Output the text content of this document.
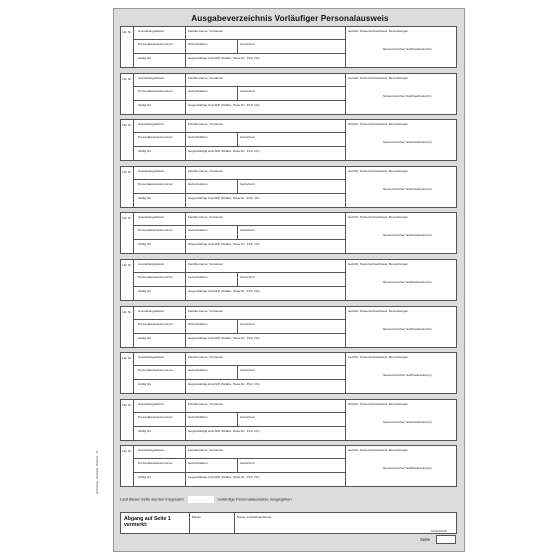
Ausgabeverzeichnis Vorläufiger Personalausweis
Lfd. Nr.	Ausstellungsdatum	Familienname, Vornamen	Gebühr, Kostenschnachweis, Bemerkungen
Personalausweisnummer	Geburtsdatum	Geburtsort
Gültig bis	Gegenwärtige Anschrift (Straße, Haus-Nr., PLZ, Ort)
Namenszeichen Sachbearbeiter(in)
Lfd. Nr.	Ausstellungsdatum	Familienname, Vornamen	Gebühr, Kostenschnachweis, Bemerkungen
Personalausweisnummer	Geburtsdatum	Geburtsort
Gültig bis	Gegenwärtige Anschrift (Straße, Haus-Nr., PLZ, Ort)
Namenszeichen Sachbearbeiter(in)
Lfd. Nr.	Ausstellungsdatum	Familienname, Vornamen	Gebühr, Kostenschnachweis, Bemerkungen
Personalausweisnummer	Geburtsdatum	Geburtsort
Gültig bis	Gegenwärtige Anschrift (Straße, Haus-Nr., PLZ, Ort)
Namenszeichen Sachbearbeiter(in)
Lfd. Nr.	Ausstellungsdatum	Familienname, Vornamen	Gebühr, Kostenschnachweis, Bemerkungen
Personalausweisnummer	Geburtsdatum	Geburtsort
Gültig bis	Gegenwärtige Anschrift (Straße, Haus-Nr., PLZ, Ort)
Namenszeichen Sachbearbeiter(in)
Lfd. Nr.	Ausstellungsdatum	Familienname, Vornamen	Gebühr, Kostenschnachweis, Bemerkungen
Personalausweisnummer	Geburtsdatum	Geburtsort
Gültig bis	Gegenwärtige Anschrift (Straße, Haus-Nr., PLZ, Ort)
Namenszeichen Sachbearbeiter(in)
Lfd. Nr.	Ausstellungsdatum	Familienname, Vornamen	Gebühr, Kostenschnachweis, Bemerkungen
Personalausweisnummer	Geburtsdatum	Geburtsort
Gültig bis	Gegenwärtige Anschrift (Straße, Haus-Nr., PLZ, Ort)
Namenszeichen Sachbearbeiter(in)
Lfd. Nr.	Ausstellungsdatum	Familienname, Vornamen	Gebühr, Kostenschnachweis, Bemerkungen
Personalausweisnummer	Geburtsdatum	Geburtsort
Gültig bis	Gegenwärtige Anschrift (Straße, Haus-Nr., PLZ, Ort)
Namenszeichen Sachbearbeiter(in)
Lfd. Nr.	Ausstellungsdatum	Familienname, Vornamen	Gebühr, Kostenschnachweis, Bemerkungen
Personalausweisnummer	Geburtsdatum	Geburtsort
Gültig bis	Gegenwärtige Anschrift (Straße, Haus-Nr., PLZ, Ort)
Namenszeichen Sachbearbeiter(in)
Lfd. Nr.	Ausstellungsdatum	Familienname, Vornamen	Gebühr, Kostenschnachweis, Bemerkungen
Personalausweisnummer	Geburtsdatum	Geburtsort
Gültig bis	Gegenwärtige Anschrift (Straße, Haus-Nr., PLZ, Ort)
Namenszeichen Sachbearbeiter(in)
Lfd. Nr.	Ausstellungsdatum	Familienname, Vornamen	Gebühr, Kostenschnachweis, Bemerkungen
Personalausweisnummer	Geburtsdatum	Geburtsort
Gültig bis	Gegenwärtige Anschrift (Straße, Haus-Nr., PLZ, Ort)
Namenszeichen Sachbearbeiter(in)
Laut dieser Seite wurden insgesamt	vorläufige Personalausweise ausgegeben.
Abgang auf Seite 1 vermerkt:
Datum	Name, Amtsbezeichnung
Unterschrift
Seite
Rechtsweg · Druckerei · Behörde · Nr.
